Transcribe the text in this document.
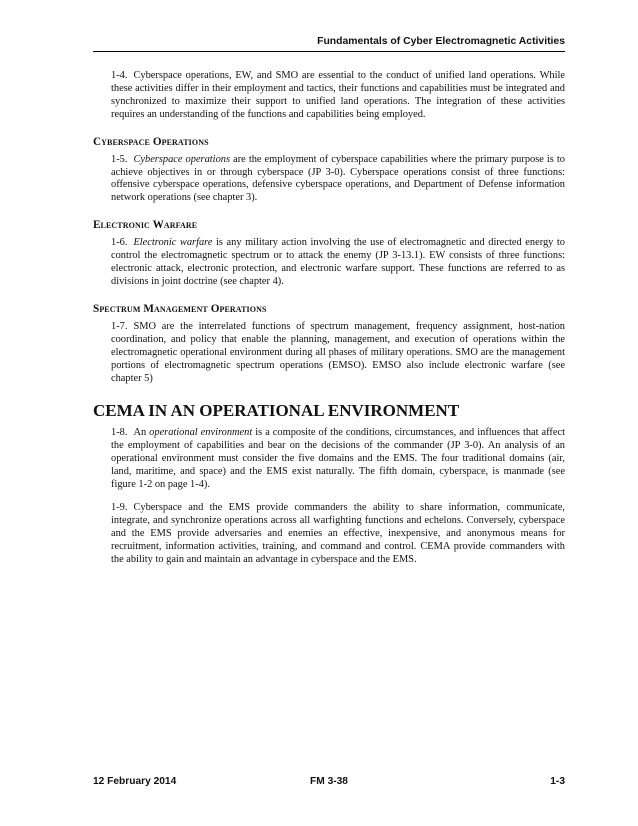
Fundamentals of Cyber Electromagnetic Activities

1-4. Cyberspace operations, EW, and SMO are essential to the conduct of unified land operations. While these activities differ in their employment and tactics, their functions and capabilities must be integrated and synchronized to maximize their support to unified land operations. The integration of these activities requires an understanding of the functions and capabilities being employed.

Cyberspace Operations

1-5. Cyberspace operations are the employment of cyberspace capabilities where the primary purpose is to achieve objectives in or through cyberspace (JP 3-0). Cyberspace operations consist of three functions: offensive cyberspace operations, defensive cyberspace operations, and Department of Defense information network operations (see chapter 3).

Electronic Warfare

1-6. Electronic warfare is any military action involving the use of electromagnetic and directed energy to control the electromagnetic spectrum or to attack the enemy (JP 3-13.1). EW consists of three functions: electronic attack, electronic protection, and electronic warfare support. These functions are referred to as divisions in joint doctrine (see chapter 4).

Spectrum Management Operations

1-7. SMO are the interrelated functions of spectrum management, frequency assignment, host-nation coordination, and policy that enable the planning, management, and execution of operations within the electromagnetic operational environment during all phases of military operations. SMO are the management portions of electromagnetic spectrum operations (EMSO). EMSO also include electronic warfare (see chapter 5)

CEMA IN AN OPERATIONAL ENVIRONMENT

1-8. An operational environment is a composite of the conditions, circumstances, and influences that affect the employment of capabilities and bear on the decisions of the commander (JP 3-0). An analysis of an operational environment must consider the five domains and the EMS. The four traditional domains (air, land, maritime, and space) and the EMS exist naturally. The fifth domain, cyberspace, is manmade (see figure 1-2 on page 1-4).

1-9. Cyberspace and the EMS provide commanders the ability to share information, communicate, integrate, and synchronize operations across all warfighting functions and echelons. Conversely, cyberspace and the EMS provide adversaries and enemies an effective, inexpensive, and anonymous means for recruitment, information activities, training, and command and control. CEMA provide commanders with the ability to gain and maintain an advantage in cyberspace and the EMS.

12 February 2014	FM 3-38	1-3
